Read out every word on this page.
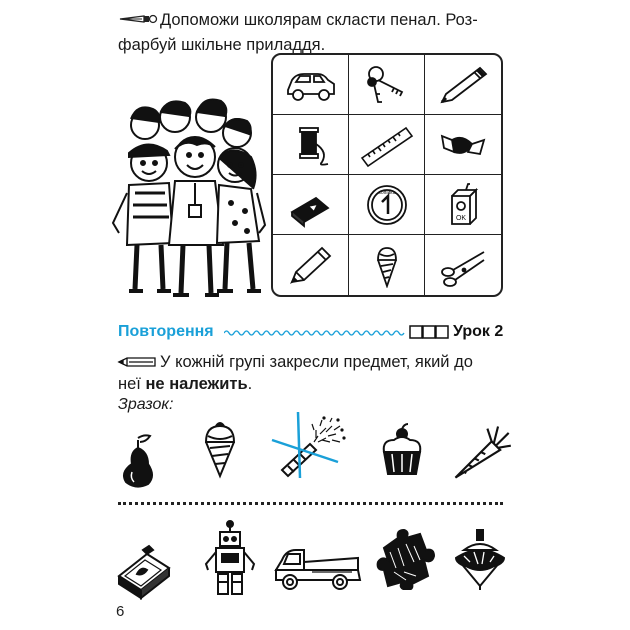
Допоможи школярам скласти пенал. Роз-
фарбуй шкільне приладдя.
копійка
OK
Повторення	Урок 2
У кожній групі закресли предмет, який до
неї не належить.
Зразок:
6
